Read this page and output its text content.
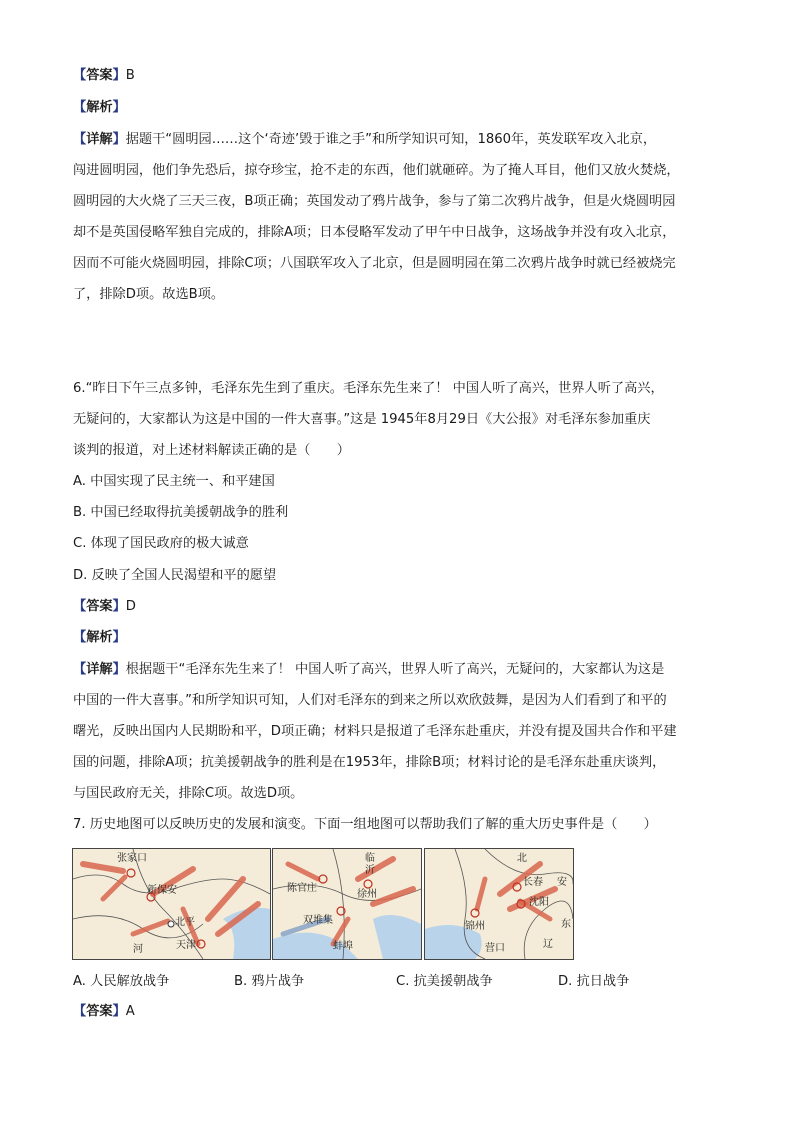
【答案】B
【解析】
【详解】据题干“圆明园……这个‘奇迹’毁于谁之手”和所学知识可知，1860年，英发联军攻入北京，
闯进圆明园，他们争先恐后，掠夺珍宝，抢不走的东西，他们就砸碎。为了掩人耳目，他们又放火焚烧，
圆明园的大火烧了三天三夜，B项正确；英国发动了鸦片战争，参与了第二次鸦片战争，但是火烧圆明园
却不是英国侵略军独自完成的，排除A项；日本侵略军发动了甲午中日战争，这场战争并没有攻入北京，
因而不可能火烧圆明园，排除C项；八国联军攻入了北京，但是圆明园在第二次鸦片战争时就已经被烧完
了，排除D项。故选B项。
6.“昨日下午三点多钟，毛泽东先生到了重庆。毛泽东先生来了！ 中国人听了高兴，世界人听了高兴，
无疑问的，大家都认为这是中国的一件大喜事。”这是 1945年8月29日《大公报》对毛泽东参加重庆
谈判的报道，对上述材料解读正确的是（　　）
A. 中国实现了民主统一、和平建国
B. 中国已经取得抗美援朝战争的胜利
C. 体现了国民政府的极大诚意
D. 反映了全国人民渴望和平的愿望
【答案】D
【解析】
【详解】根据题干“毛泽东先生来了！ 中国人听了高兴，世界人听了高兴，无疑问的，大家都认为这是
中国的一件大喜事。”和所学知识可知，人们对毛泽东的到来之所以欢欣鼓舞，是因为人们看到了和平的
曙光，反映出国内人民期盼和平，D项正确；材料只是报道了毛泽东赴重庆，并没有提及国共合作和平建
国的问题，排除A项；抗美援朝战争的胜利是在1953年，排除B项；材料讨论的是毛泽东赴重庆谈判，
与国民政府无关，排除C项。故选D项。
7. 历史地图可以反映历史的发展和演变。下面一组地图可以帮助我们了解的重大历史事件是（　　）
张家口
新保安
北平
天津
河
陈官庄
徐州
双堆集
蚌埠
临
沂
北
锦州
长春
沈阳
营口
安
辽
东
A. 人民解放战争	B. 鸦片战争	C. 抗美援朝战争	D. 抗日战争
【答案】A
